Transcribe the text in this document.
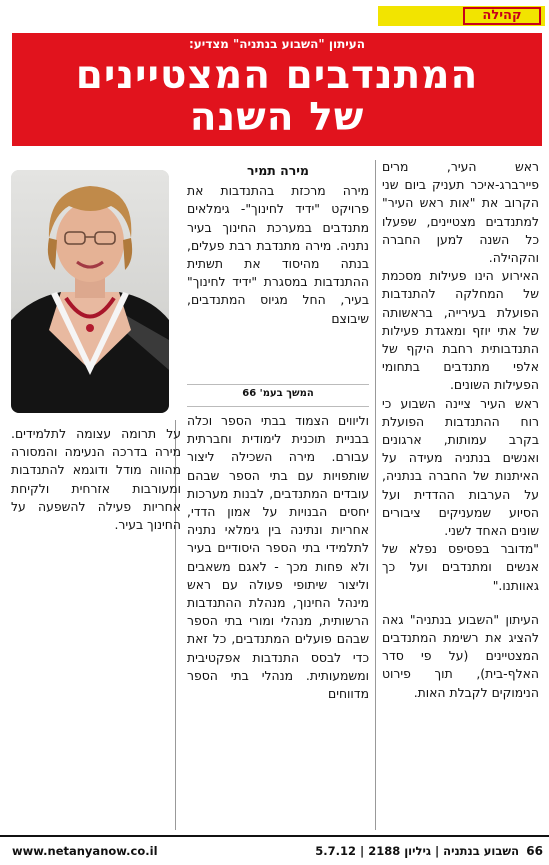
קהילה
העיתון "השבוע בנתניה" מצדיע:
המתנדבים המצטיינים
של השנה

ראש העיר, מרים פיירברג-איכר תעניק ביום שני הקרוב את "אות ראש העיר" למתנדבים מצטיינים, שפעלו כל השנה למען החברה והקהילה.

האירוע הינו פעילות מסכמת של המחלקה להתנדבות הפועלת בעירייה, בראשותה של אתי יוזף ומאגדת פעילות התנדבותית רחבת היקף של אלפי מתנדבים בתחומי הפעילות השונים.

ראש העיר ציינה השבוע כי רוח ההתנדבות הפועלת בקרב עמותות, ארגונים ואנשים בנתניה מעידה על האיתנות של החברה בנתניה, על הערבות ההדדית ועל הסיוע שמעניקים ציבורים שונים האחד לשני.

"מדובר בפסיפס נפלא של אנשים ומתנדבים ועל כך גאוותנו."

העיתון "השבוע בנתניה" גאה להציג את רשימת המתנדבים המצטיינים (על פי סדר האלף-בית), תוך פירוט הנימוקים לקבלת האות.

מירה תמיר

מירה מרכזת בהתנדבות את פרויקט "ידיד לחינוך"- גימלאים מתנדבים במערכת החינוך בעיר נתניה. מירה מתנדבת רבת פעלים, בנתה מהיסוד את תשתית ההתנדבות במסגרת "ידיד לחינוך" בעיר, החל מגיוס המתנדבים, שיבוצם

המשך בעמ' 66

וליווים הצמוד בבתי הספר וכלה בבניית תוכנית לימודית וחברתית עבורם. מירה השכילה ליצור שותפויות עם בתי הספר שבהם עובדים המתנדבים, לבנות מערכות יחסים הבנויות על אמון הדדי, אחריות ונתינה בין גימלאי נתניה לתלמידי בתי הספר היסודיים בעיר ולא פחות מכך - לאגם משאבים וליצור שיתופי פעולה עם ראש מינהל החינוך, מנהלת ההתנדבות הרשותית, מנהלי ומורי בתי הספר שבהם פועלים המתנדבים, כל זאת כדי לבסס התנדבות אפקטיבית ומשמעותית. מנהלי בתי הספר מדווחים

על תרומה עצומה לתלמידים. מירה בדרכה הנעימה והמסורה מהווה מודל ודוגמא להתנדבות ומעורבות אזרחית ולקיחת אחריות פעילה להשפעה על החינוך בעיר.

66
השבוע בנתניה | גיליון 2188 | 5.7.12
www.netanyanow.co.il
